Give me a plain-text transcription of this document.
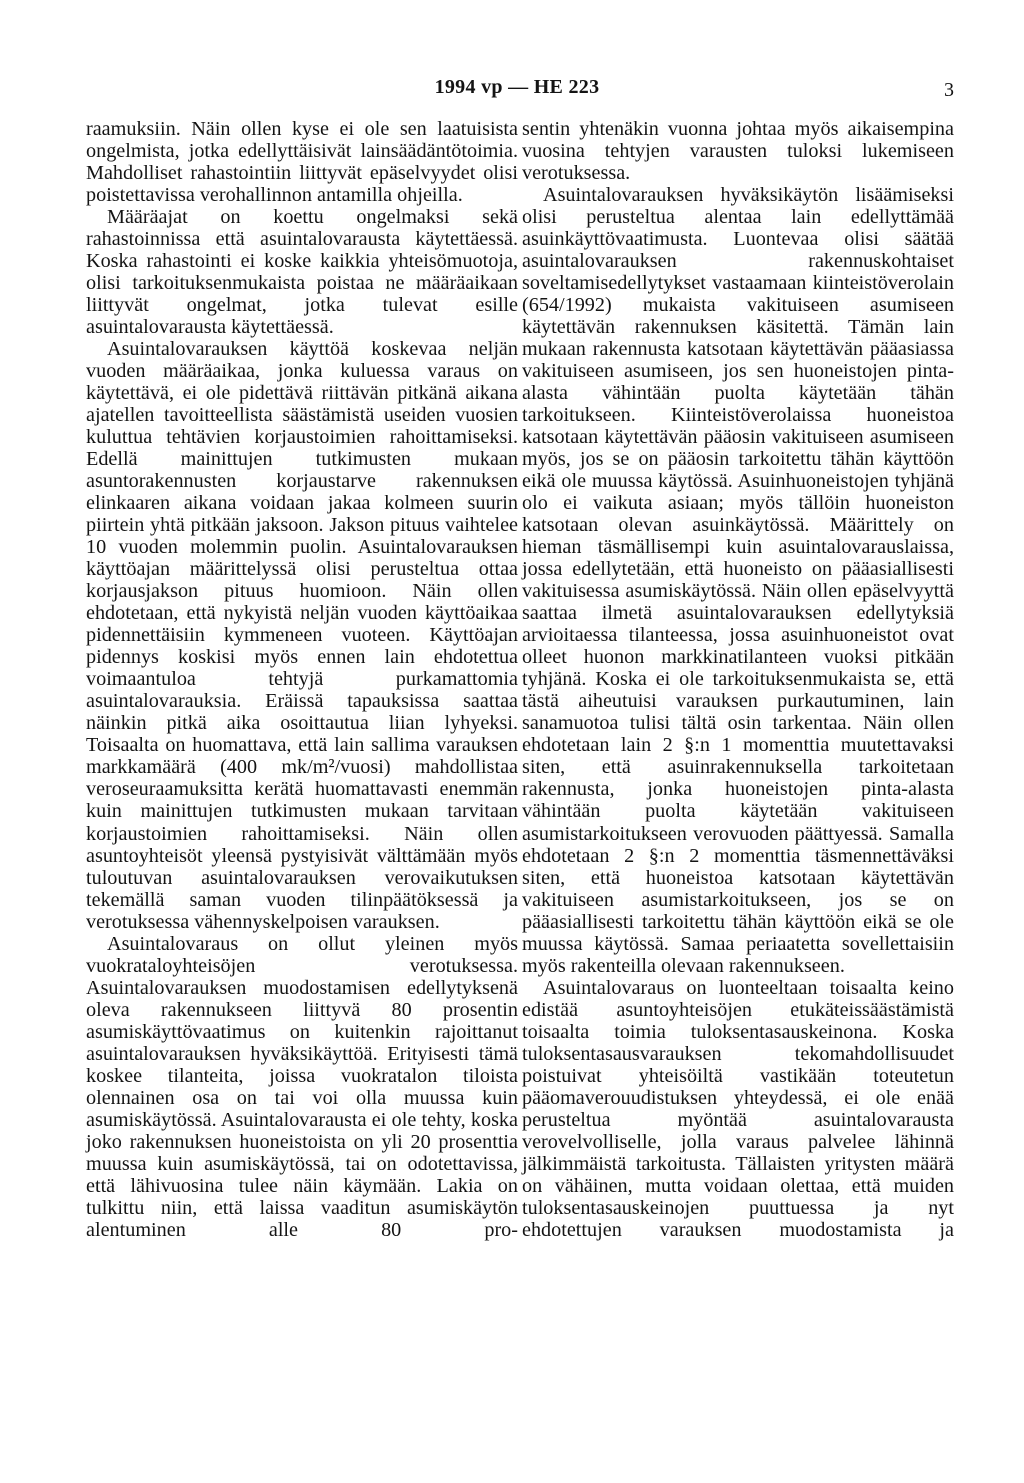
1994 vp — HE 223	3

raamuksiin. Näin ollen kyse ei ole sen laatuisista ongelmista, jotka edellyttäisivät lainsäädäntötoimia. Mahdolliset rahastointiin liittyvät epäselvyydet olisi poistettavissa verohallinnon antamilla ohjeilla.

Määräajat on koettu ongelmaksi sekä rahastoinnissa että asuintalovarausta käytettäessä. Koska rahastointi ei koske kaikkia yhteisömuotoja, olisi tarkoituksenmukaista poistaa ne määräaikaan liittyvät ongelmat, jotka tulevat esille asuintalovarausta käytettäessä.

Asuintalovarauksen käyttöä koskevaa neljän vuoden määräaikaa, jonka kuluessa varaus on käytettävä, ei ole pidettävä riittävän pitkänä aikana ajatellen tavoitteellista säästämistä useiden vuosien kuluttua tehtävien korjaustoimien rahoittamiseksi. Edellä mainittujen tutkimusten mukaan asuntorakennusten korjaustarve rakennuksen elinkaaren aikana voidaan jakaa kolmeen suurin piirtein yhtä pitkään jaksoon. Jakson pituus vaihtelee 10 vuoden molemmin puolin. Asuintalovarauksen käyttöajan määrittelyssä olisi perusteltua ottaa korjausjakson pituus huomioon. Näin ollen ehdotetaan, että nykyistä neljän vuoden käyttöaikaa pidennettäisiin kymmeneen vuoteen. Käyttöajan pidennys koskisi myös ennen lain ehdotettua voimaantuloa tehtyjä purkamattomia asuintalovarauksia. Eräissä tapauksissa saattaa näinkin pitkä aika osoittautua liian lyhyeksi. Toisaalta on huomattava, että lain sallima varauksen markkamäärä (400 mk/m²/vuosi) mahdollistaa veroseuraamuksitta kerätä huomattavasti enemmän kuin mainittujen tutkimusten mukaan tarvitaan korjaustoimien rahoittamiseksi. Näin ollen asuntoyhteisöt yleensä pystyisivät välttämään myös tuloutuvan asuintalovarauksen verovaikutuksen tekemällä saman vuoden tilinpäätöksessä ja verotuksessa vähennyskelpoisen varauksen.

Asuintalovaraus on ollut yleinen myös vuokrataloyhteisöjen verotuksessa. Asuintalovarauksen muodostamisen edellytyksenä oleva rakennukseen liittyvä 80 prosentin asumiskäyttövaatimus on kuitenkin rajoittanut asuintalovarauksen hyväksikäyttöä. Erityisesti tämä koskee tilanteita, joissa vuokratalon tiloista olennainen osa on tai voi olla muussa kuin asumiskäytössä. Asuintalovarausta ei ole tehty, koska joko rakennuksen huoneistoista on yli 20 prosenttia muussa kuin asumiskäytössä, tai on odotettavissa, että lähivuosina tulee näin käymään. Lakia on tulkittu niin, että laissa vaaditun asumiskäytön alentuminen alle 80 pro-

sentin yhtenäkin vuonna johtaa myös aikaisempina vuosina tehtyjen varausten tuloksi lukemiseen verotuksessa.

Asuintalovarauksen hyväksikäytön lisäämiseksi olisi perusteltua alentaa lain edellyttämää asuinkäyttövaatimusta. Luontevaa olisi säätää asuintalovarauksen rakennuskohtaiset soveltamisedellytykset vastaamaan kiinteistöverolain (654/1992) mukaista vakituiseen asumiseen käytettävän rakennuksen käsitettä. Tämän lain mukaan rakennusta katsotaan käytettävän pääasiassa vakituiseen asumiseen, jos sen huoneistojen pinta-alasta vähintään puolta käytetään tähän tarkoitukseen. Kiinteistöverolaissa huoneistoa katsotaan käytettävän pääosin vakituiseen asumiseen myös, jos se on pääosin tarkoitettu tähän käyttöön eikä ole muussa käytössä. Asuinhuoneistojen tyhjänä olo ei vaikuta asiaan; myös tällöin huoneiston katsotaan olevan asuinkäytössä. Määrittely on hieman täsmällisempi kuin asuintalovarauslaissa, jossa edellytetään, että huoneisto on pääasiallisesti vakituisessa asumiskäytössä. Näin ollen epäselvyyttä saattaa ilmetä asuintalovarauksen edellytyksiä arvioitaessa tilanteessa, jossa asuinhuoneistot ovat olleet huonon markkinatilanteen vuoksi pitkään tyhjänä. Koska ei ole tarkoituksenmukaista se, että tästä aiheutuisi varauksen purkautuminen, lain sanamuotoa tulisi tältä osin tarkentaa. Näin ollen ehdotetaan lain 2 §:n 1 momenttia muutettavaksi siten, että asuinrakennuksella tarkoitetaan rakennusta, jonka huoneistojen pinta-alasta vähintään puolta käytetään vakituiseen asumistarkoitukseen verovuoden päättyessä. Samalla ehdotetaan 2 §:n 2 momenttia täsmennettäväksi siten, että huoneistoa katsotaan käytettävän vakituiseen asumistarkoitukseen, jos se on pääasiallisesti tarkoitettu tähän käyttöön eikä se ole muussa käytössä. Samaa periaatetta sovellettaisiin myös rakenteilla olevaan rakennukseen.

Asuintalovaraus on luonteeltaan toisaalta keino edistää asuntoyhteisöjen etukäteissäästämistä toisaalta toimia tuloksentasauskeinona. Koska tuloksentasausvarauksen tekomahdollisuudet poistuivat yhteisöiltä vastikään toteutetun pääomaverouudistuksen yhteydessä, ei ole enää perusteltua myöntää asuintalovarausta verovelvolliselle, jolla varaus palvelee lähinnä jälkimmäistä tarkoitusta. Tällaisten yritysten määrä on vähäinen, mutta voidaan olettaa, että muiden tuloksentasauskeinojen puuttuessa ja nyt ehdotettujen varauksen muodostamista ja
